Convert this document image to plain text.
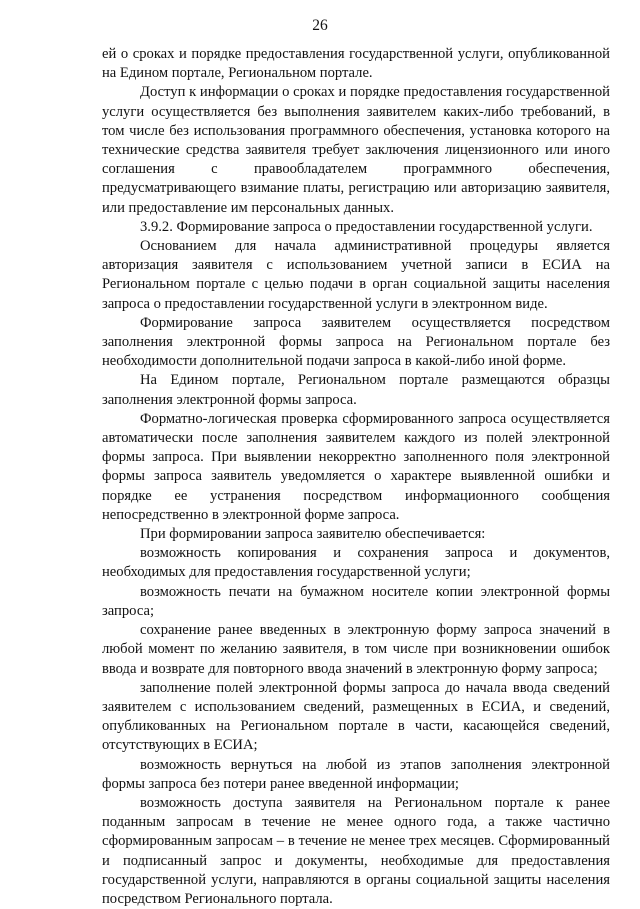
26

ей о сроках и порядке предоставления государственной услуги, опубликованной на Едином портале, Региональном портале.

Доступ к информации о сроках и порядке предоставления государственной услуги осуществляется без выполнения заявителем каких-либо требований, в том числе без использования программного обеспечения, установка которого на технические средства заявителя требует заключения лицензионного или иного соглашения с правообладателем программного обеспечения, предусматривающего взимание платы, регистрацию или авторизацию заявителя, или предоставление им персональных данных.

3.9.2. Формирование запроса о предоставлении государственной услуги.

Основанием для начала административной процедуры является авторизация заявителя с использованием учетной записи в ЕСИА на Региональном портале с целью подачи в орган социальной защиты населения запроса о предоставлении государственной услуги в электронном виде.

Формирование запроса заявителем осуществляется посредством заполнения электронной формы запроса на Региональном портале без необходимости дополнительной подачи запроса в какой-либо иной форме.

На Едином портале, Региональном портале размещаются образцы заполнения электронной формы запроса.

Форматно-логическая проверка сформированного запроса осуществляется автоматически после заполнения заявителем каждого из полей электронной формы запроса. При выявлении некорректно заполненного поля электронной формы запроса заявитель уведомляется о характере выявленной ошибки и порядке ее устранения посредством информационного сообщения непосредственно в электронной форме запроса.

При формировании запроса заявителю обеспечивается:

возможность копирования и сохранения запроса и документов, необходимых для предоставления государственной услуги;

возможность печати на бумажном носителе копии электронной формы запроса;

сохранение ранее введенных в электронную форму запроса значений в любой момент по желанию заявителя, в том числе при возникновении ошибок ввода и возврате для повторного ввода значений в электронную форму запроса;

заполнение полей электронной формы запроса до начала ввода сведений заявителем с использованием сведений, размещенных в ЕСИА, и сведений, опубликованных на Региональном портале в части, касающейся сведений, отсутствующих в ЕСИА;

возможность вернуться на любой из этапов заполнения электронной формы запроса без потери ранее введенной информации;

возможность доступа заявителя на Региональном портале к ранее поданным запросам в течение не менее одного года, а также частично сформированным запросам – в течение не менее трех месяцев. Сформированный и подписанный запрос и документы, необходимые для предоставления государственной услуги, направляются в органы социальной защиты населения посредством Регионального портала.
